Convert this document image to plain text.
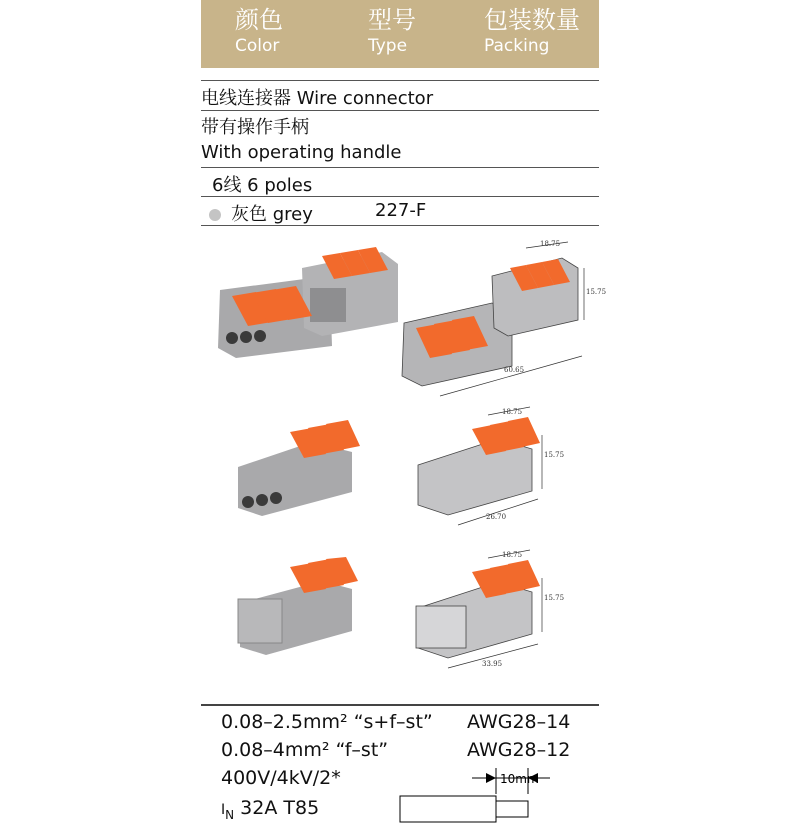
颜色
Color
型号
Type
包装数量
Packing
电线连接器 Wire connector
带有操作手柄
With operating handle
6线 6 poles
灰色 grey	227-F
18.75
15.75
60.65
18.75
15.75
26.70
18.75
15.75
33.95
0.08–2.5mm² “s+f–st” AWG28–14
0.08–4mm² “f–st”	AWG28–12
400V/4kV/2*
$I_N$ 32A T85
10mm
